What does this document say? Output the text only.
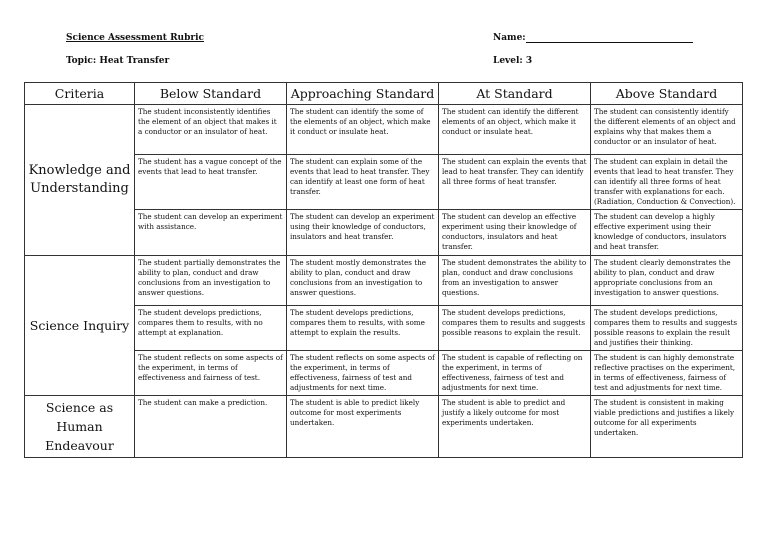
Science Assessment Rubric
Topic: Heat Transfer
Name:
Level: 3
Criteria	Below Standard	Approaching Standard	At Standard	Above Standard
Knowledge and Understanding	The student inconsistently identifies the element of an object that makes it a conductor or an insulator of heat.	The student can identify the some of the elements of an object, which make it conduct or insulate heat.	The student can identify the different elements of an object, which make it conduct or insulate heat.	The student can consistently identify the different elements of an object and explains why that makes them a conductor or an insulator of heat.
	The student has a vague concept of the events that lead to heat transfer.	The student can explain some of the events that lead to heat transfer. They can identify at least one form of heat transfer.	The student can explain the events that lead to heat transfer. They can identify all three forms of heat transfer.	The student can explain in detail the events that lead to heat transfer. They can identify all three forms of heat transfer with explanations for each. (Radiation, Conduction & Convection).
	The student can develop an experiment with assistance.	The student can develop an experiment using their knowledge of conductors, insulators and heat transfer.	The student can develop an effective experiment using their knowledge of conductors, insulators and heat transfer.	The student can develop a highly effective experiment using their knowledge of conductors, insulators and heat transfer.
Science Inquiry	The student partially demonstrates the ability to plan, conduct and draw conclusions from an investigation to answer questions.	The student mostly demonstrates the ability to plan, conduct and draw conclusions from an investigation to answer questions.	The student demonstrates the ability to plan, conduct and draw conclusions from an investigation to answer questions.	The student clearly demonstrates the ability to plan, conduct and draw appropriate conclusions from an investigation to answer questions.
	The student develops predictions, compares them to results, with no attempt at explanation.	The student develops predictions, compares them to results, with some attempt to explain the results.	The student develops predictions, compares them to results and suggests possible reasons to explain the result.	The student develops predictions, compares them to results and suggests possible reasons to explain the result and justifies their thinking.
	The student reflects on some aspects of the experiment, in terms of effectiveness and fairness of test.	The student reflects on some aspects of the experiment, in terms of effectiveness, fairness of test and adjustments for next time.	The student is capable of reflecting on the experiment, in terms of effectiveness, fairness of test and adjustments for next time.	The student is can highly demonstrate reflective practises on the experiment, in terms of effectiveness, fairness of test and adjustments for next time.
Science as Human Endeavour	The student can make a prediction.	The student is able to predict likely outcome for most experiments undertaken.	The student is able to predict and justify a likely outcome for most experiments undertaken.	The student is consistent in making viable predictions and justifies a likely outcome for all experiments undertaken.
